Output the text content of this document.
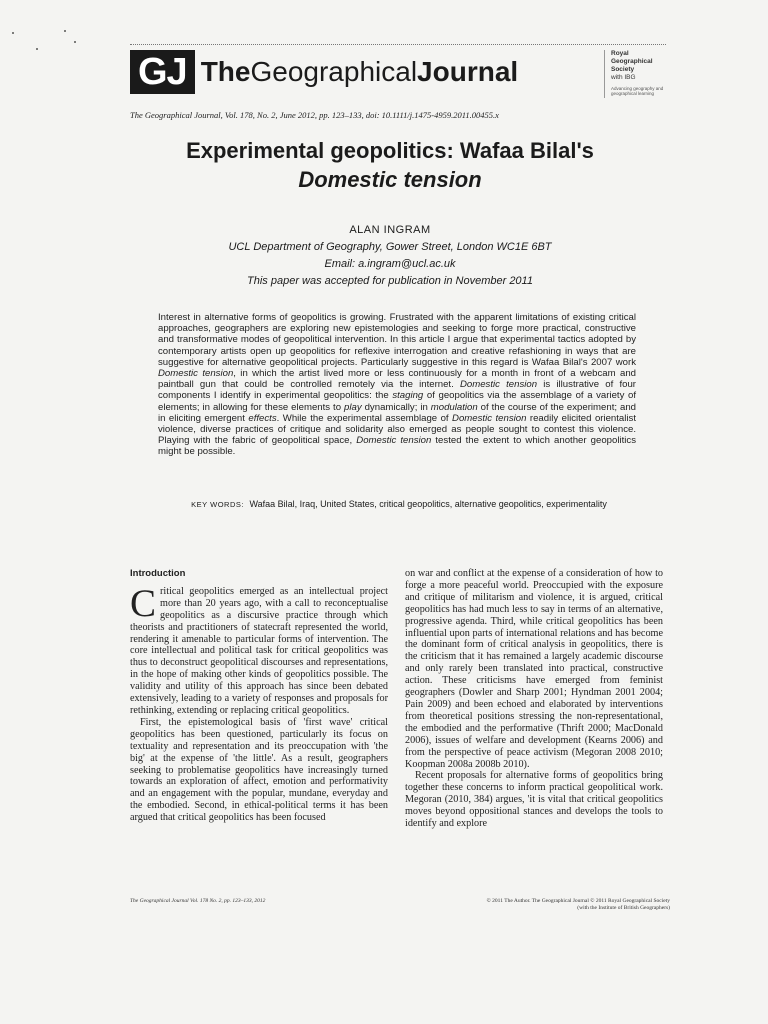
GJ TheGeographicalJournal
Royal
Geographical
Society
with IBG
Advancing geography and geographical learning
The Geographical Journal, Vol. 178, No. 2, June 2012, pp. 123–133, doi: 10.1111/j.1475-4959.2011.00455.x
Experimental geopolitics: Wafaa Bilal's
Domestic tension
ALAN INGRAM
UCL Department of Geography, Gower Street, London WC1E 6BT
Email: a.ingram@ucl.ac.uk
This paper was accepted for publication in November 2011
Interest in alternative forms of geopolitics is growing. Frustrated with the apparent limitations of existing critical approaches, geographers are exploring new epistemologies and seeking to forge more practical, constructive and transformative modes of geopolitical intervention. In this article I argue that experimental tactics adopted by contemporary artists open up geopolitics for reflexive interrogation and creative refashioning in ways that are suggestive for alternative geopolitical projects. Particularly suggestive in this regard is Wafaa Bilal's 2007 work Domestic tension, in which the artist lived more or less continuously for a month in front of a webcam and paintball gun that could be controlled remotely via the internet. Domestic tension is illustrative of four components I identify in experimental geopolitics: the staging of geopolitics via the assemblage of a variety of elements; in allowing for these elements to play dynamically; in modulation of the course of the experiment; and in eliciting emergent effects. While the experimental assemblage of Domestic tension readily elicited orientalist violence, diverse practices of critique and solidarity also emerged as people sought to contest this violence. Playing with the fabric of geopolitical space, Domestic tension tested the extent to which another geopolitics might be possible.
KEY WORDS: Wafaa Bilal, Iraq, United States, critical geopolitics, alternative geopolitics, experimentality
Introduction

Critical geopolitics emerged as an intellectual project more than 20 years ago, with a call to reconceptualise geopolitics as a discursive practice through which theorists and practitioners of statecraft represented the world, rendering it amenable to particular forms of intervention. The core intellectual and political task for critical geopolitics was thus to deconstruct geopolitical discourses and representations, in the hope of making other kinds of geopolitics possible. The validity and utility of this approach has since been debated extensively, leading to a variety of responses and proposals for rethinking, extending or replacing critical geopolitics.

First, the epistemological basis of 'first wave' critical geopolitics has been questioned, particularly its focus on textuality and representation and its preoccupation with 'the big' at the expense of 'the little'. As a result, geographers seeking to problematise geopolitics have increasingly turned towards an exploration of affect, emotion and performativity and an engagement with the popular, mundane, everyday and the embodied. Second, in ethical-political terms it has been argued that critical geopolitics has been focused

on war and conflict at the expense of a consideration of how to forge a more peaceful world. Preoccupied with the exposure and critique of militarism and violence, it is argued, critical geopolitics has had much less to say in terms of an alternative, progressive agenda. Third, while critical geopolitics has been influential upon parts of international relations and has become the dominant form of critical analysis in geopolitics, there is the criticism that it has remained a largely academic discourse and only rarely been translated into practical, constructive action. These criticisms have emerged from feminist geographers (Dowler and Sharp 2001; Hyndman 2001 2004; Pain 2009) and been echoed and elaborated by interventions from theoretical positions stressing the non-representational, the embodied and the performative (Thrift 2000; MacDonald 2006), issues of welfare and development (Kearns 2006) and from the perspective of peace activism (Megoran 2008 2010; Koopman 2008a 2008b 2010).

Recent proposals for alternative forms of geopolitics bring together these concerns to inform practical geopolitical work. Megoran (2010, 384) argues, 'it is vital that critical geopolitics moves beyond oppositional stances and develops the tools to identify and explore

The Geographical Journal Vol. 178 No. 2, pp. 123–133, 2012	© 2011 The Author. The Geographical Journal © 2011 Royal Geographical Society
(with the Institute of British Geographers)
